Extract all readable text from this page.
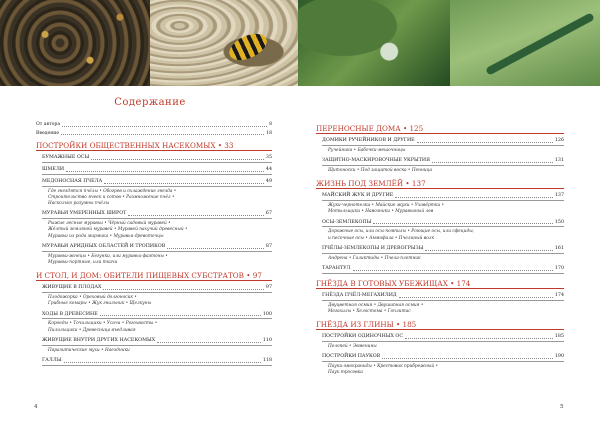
Содержание
От автора	8
Введение	18
ПОСТРОЙКИ ОБЩЕСТВЕННЫХ НАСЕКОМЫХ • 33
БУМАЖНЫЕ ОСЫ	35
ШМЕЛИ	44
МЕДОНОСНАЯ ПЧЕЛА	49
Где гнездятся пчёлы • Обогрев и охлаждение гнезда •
Строительство ячеек и сотов • Размножение пчёл •
Насколько разумны пчёлы
МУРАВЬИ УМЕРЕННЫХ ШИРОТ	67
Рыжие лесные муравьи • Чёрный садовый муравей •
Жёлтый земляной муравей • Муравей пахучий древесный •
Муравьи из рода мирмика • Муравьи-древоточцы
МУРАВЬИ АРИДНЫХ ОБЛАСТЕЙ И ТРОПИКОВ	87
Муравьи-жнецы • Бегунки, или муравьи-фаэтоны •
Муравьи-портные, или ткачи
И СТОЛ, И ДОМ: ОБИТЕЛИ ПИЩЕВЫХ СУБСТРАТОВ • 97
ЖИВУЩИЕ В ПЛОДАХ	97
Плодожорка • Ореховый долгоносик •
Грибные комары • Жук гнильник • Щелкуны
ХОДЫ В ДРЕВЕСИНЕ	100
Короеды • Точильщики • Усачи • Рогохвосты •
Пилильщики • Древесница въедливая
ЖИВУЩИЕ ВНУТРИ ДРУГИХ НАСЕКОМЫХ	110
Паразитические мухи • Наездники
ГАЛЛЫ	118
ПЕРЕНОСНЫЕ ДОМА • 125
ДОМИКИ РУЧЕЙНИКОВ И ДРУГИЕ	126
Ручейники • Бабочки-мешочницы
ЗАЩИТНО-МАСКИРОВОЧНЫЕ УКРЫТИЯ	131
Щитоноски • Под защитой воска • Пенница
ЖИЗНЬ ПОД ЗЕМЛЁЙ • 137
МАЙСКИЙ ЖУК И ДРУГИЕ	137
Жуки-чернотелки • Майские жуки • Уховёртки •
Мотыльщики • Навозники • Муравьиный лев
ОСЫ-ЗЕМЛЕКОПЫ	150
Дорожные осы, или осы-помпилы • Роющие осы, или сфециды,
и песочные осы • Аммофила • Пчелиный волк
ПЧЁЛЫ-ЗЕМЛЕКОПЫ И ДРЕВОГРЫЗЫ	161
Андрена • Галиктиды • Пчела-плотник
ТАРАНТУЛ	170
ГНЁЗДА В ГОТОВЫХ УБЕЖИЩАХ • 174
ГНЁЗДА ПЧЁЛ-МЕГАХИЛИД	174
Двуцветная осмия • Двушипная осмия •
Мегахилы • Хелостома • Гоплитис
ГНЁЗДА ИЗ ГЛИНЫ • 185
ПОСТРОЙКИ ОДИНОЧНЫХ ОС	185
Пелопей • Эвменины
ПОСТРОЙКИ ПАУКОВ	190
Пауки-эмокраниды • Крестовик прибрежный •
Паук тросовка
4	5
